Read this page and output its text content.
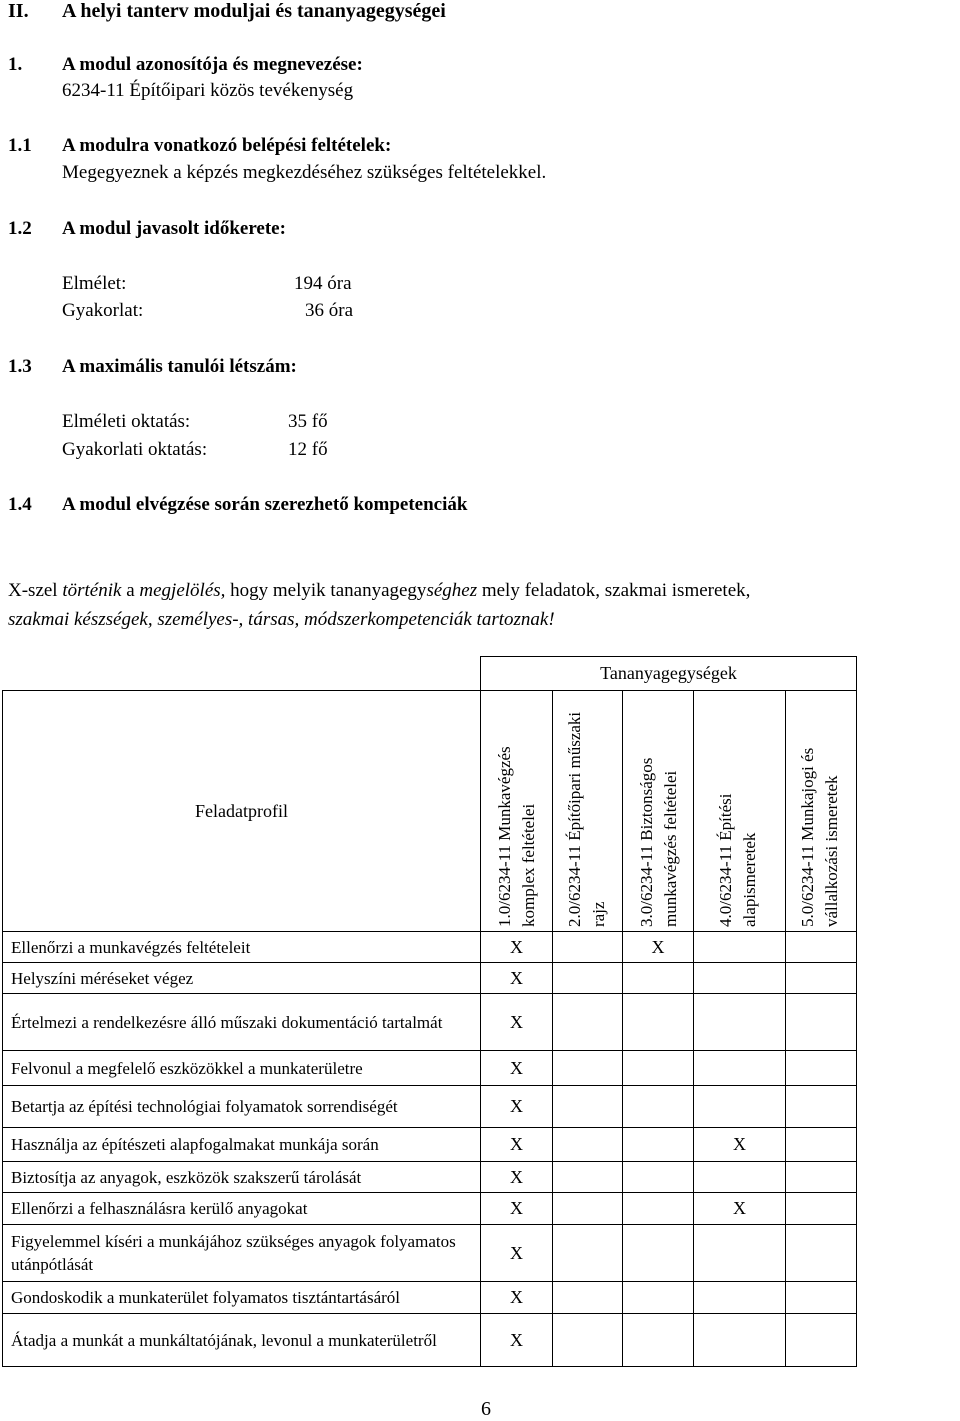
II. A helyi tanterv moduljai és tananyagegységei
1. A modul azonosítója és megnevezése:
6234-11 Építőipari közös tevékenység
1.1 A modulra vonatkozó belépési feltételek:
Megegyeznek a képzés megkezdéséhez szükséges feltételekkel.
1.2 A modul javasolt időkerete:
Elmélet:	194 óra
Gyakorlat:	36 óra
1.3 A maximális tanulói létszám:
Elméleti oktatás:	35 fő
Gyakorlati oktatás:	12 fő
1.4 A modul elvégzése során szerezhető kompetenciák
X-szel történik a megjelölés, hogy melyik tananyagegységhez mely feladatok, szakmai ismeretek,
szakmai készségek, személyes-, társas, módszerkompetenciák tartoznak!
	Tananyagegységek				
Feladatprofil	1.0/6234-11 Munkavégzés komplex feltételei	2.0/6234-11 Építőipari műszaki rajz	3.0/6234-11 Biztonságos munkavégzés feltételei	4.0/6234-11 Építési alapismeretek	5.0/6234-11 Munkajogi és vállalkozási ismeretek

Ellenőrzi a munkavégzés feltételeit	X		X		
Helyszíni méréseket végez	X				
Értelmezi a rendelkezésre álló műszaki dokumentáció tartalmát	X				
Felvonul a megfelelő eszközökkel a munkaterületre	X				
Betartja az építési technológiai folyamatok sorrendiségét	X				
Használja az építészeti alapfogalmakat munkája során	X			X	
Biztosítja az anyagok, eszközök szakszerű tárolását	X				
Ellenőrzi a felhasználásra kerülő anyagokat	X			X	
Figyelemmel kíséri a munkájához szükséges anyagok folyamatos utánpótlását	X				
Gondoskodik a munkaterület folyamatos tisztántartásáról	X				
Átadja a munkát a munkáltatójának, levonul a munkaterületről	X				
6
